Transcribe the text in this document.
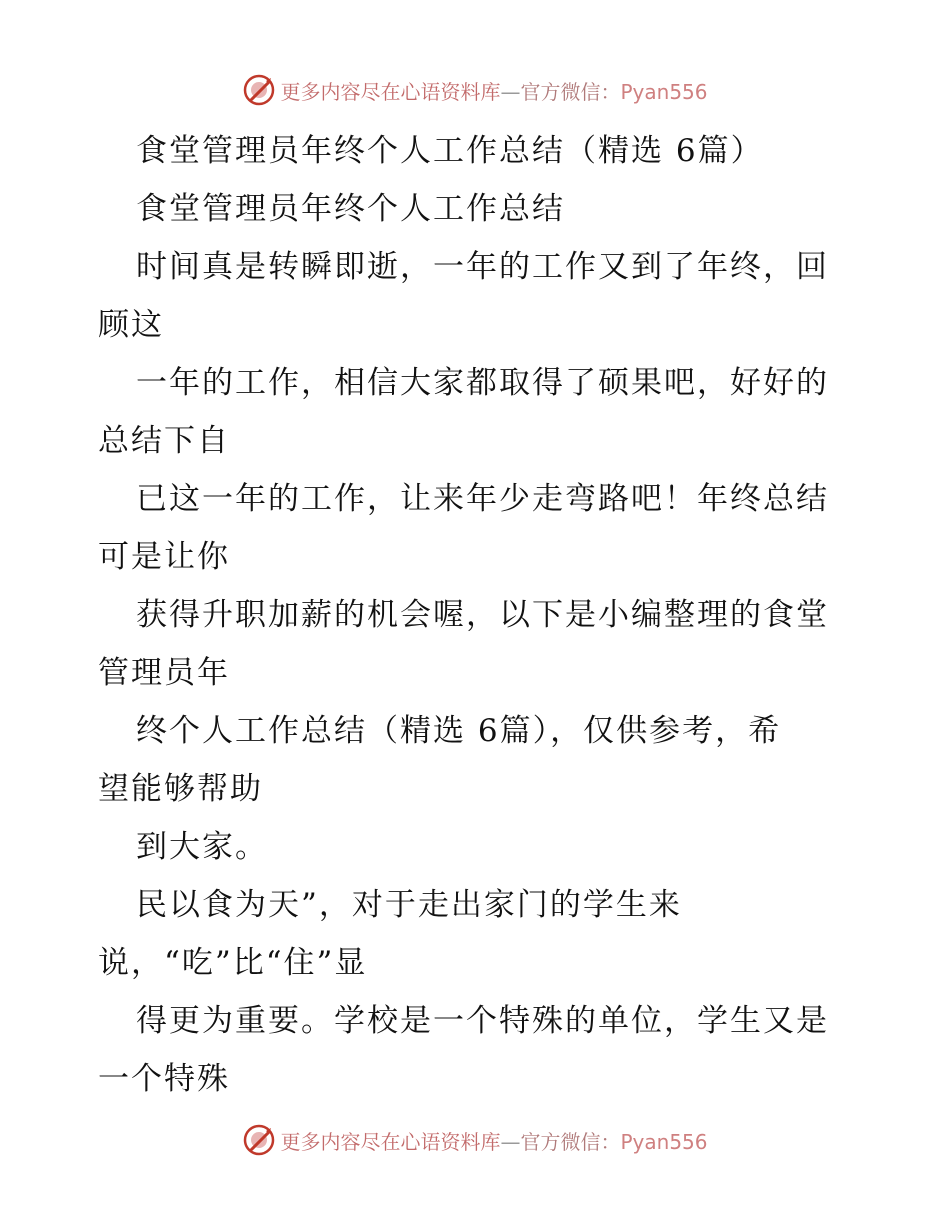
更多内容尽在心语资料库—官方微信：Pyan556
食堂管理员年终个人工作总结（精选 6篇）
食堂管理员年终个人工作总结
时间真是转瞬即逝，一年的工作又到了年终，回
顾这
一年的工作，相信大家都取得了硕果吧，好好的
总结下自
已这一年的工作，让来年少走弯路吧！年终总结
可是让你
获得升职加薪的机会喔，以下是小编整理的食堂
管理员年
终个人工作总结（精选 6篇），仅供参考，希
望能够帮助
到大家。
民以食为天”，对于走出家门的学生来
说，“吃”比“住”显
得更为重要。学校是一个特殊的单位，学生又是
一个特殊
更多内容尽在心语资料库—官方微信：Pyan556
